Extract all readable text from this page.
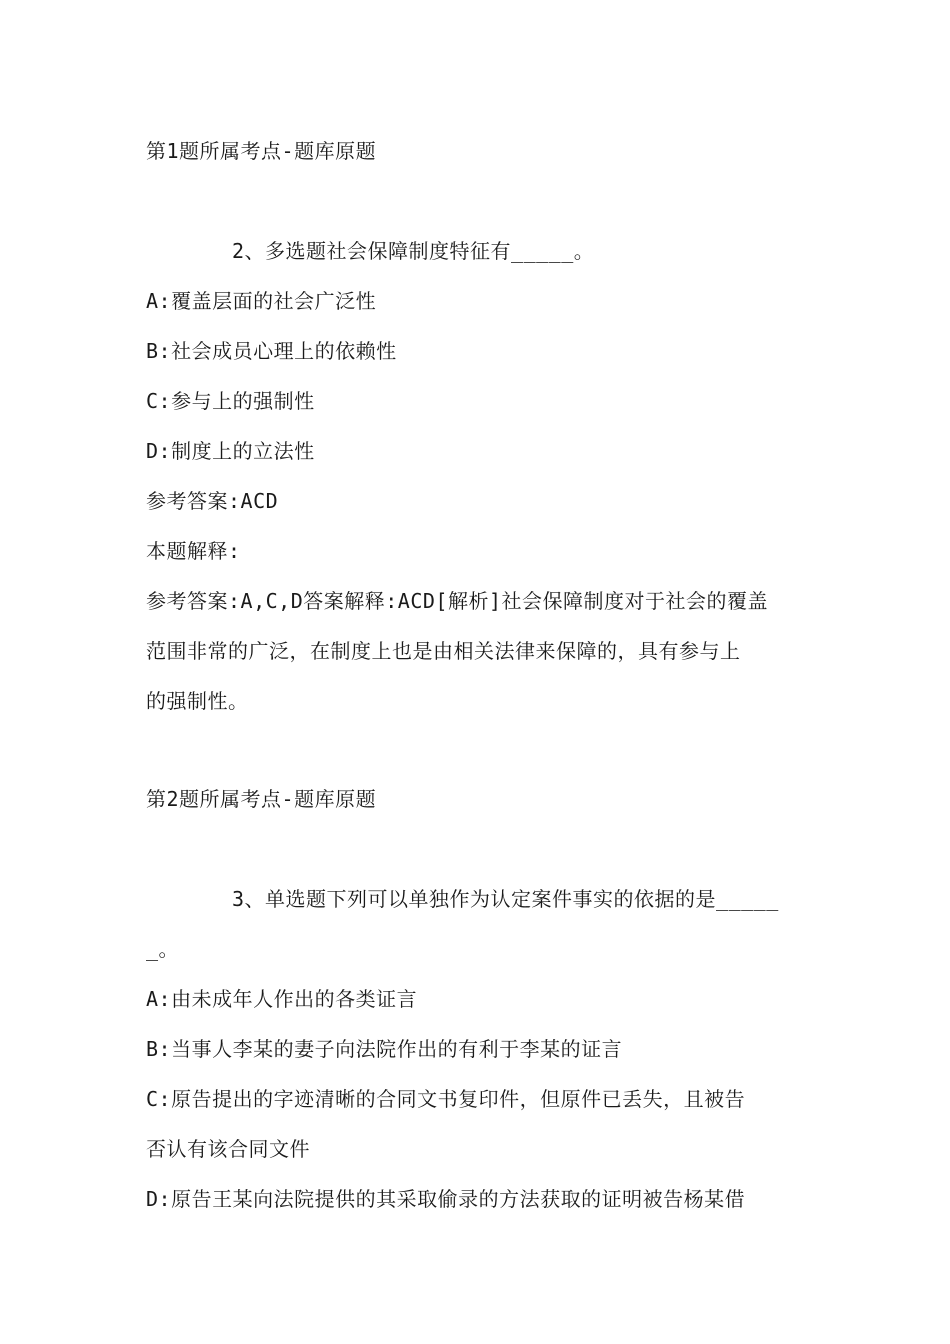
第1题所属考点-题库原题
2、多选题社会保障制度特征有_____。
A:覆盖层面的社会广泛性
B:社会成员心理上的依赖性
C:参与上的强制性
D:制度上的立法性
参考答案:ACD
本题解释:
参考答案:A,C,D答案解释:ACD[解析]社会保障制度对于社会的覆盖
范围非常的广泛，在制度上也是由相关法律来保障的，具有参与上
的强制性。
第2题所属考点-题库原题
3、单选题下列可以单独作为认定案件事实的依据的是_____
_。
A:由未成年人作出的各类证言
B:当事人李某的妻子向法院作出的有利于李某的证言
C:原告提出的字迹清晰的合同文书复印件，但原件已丢失，且被告
否认有该合同文件
D:原告王某向法院提供的其采取偷录的方法获取的证明被告杨某借
